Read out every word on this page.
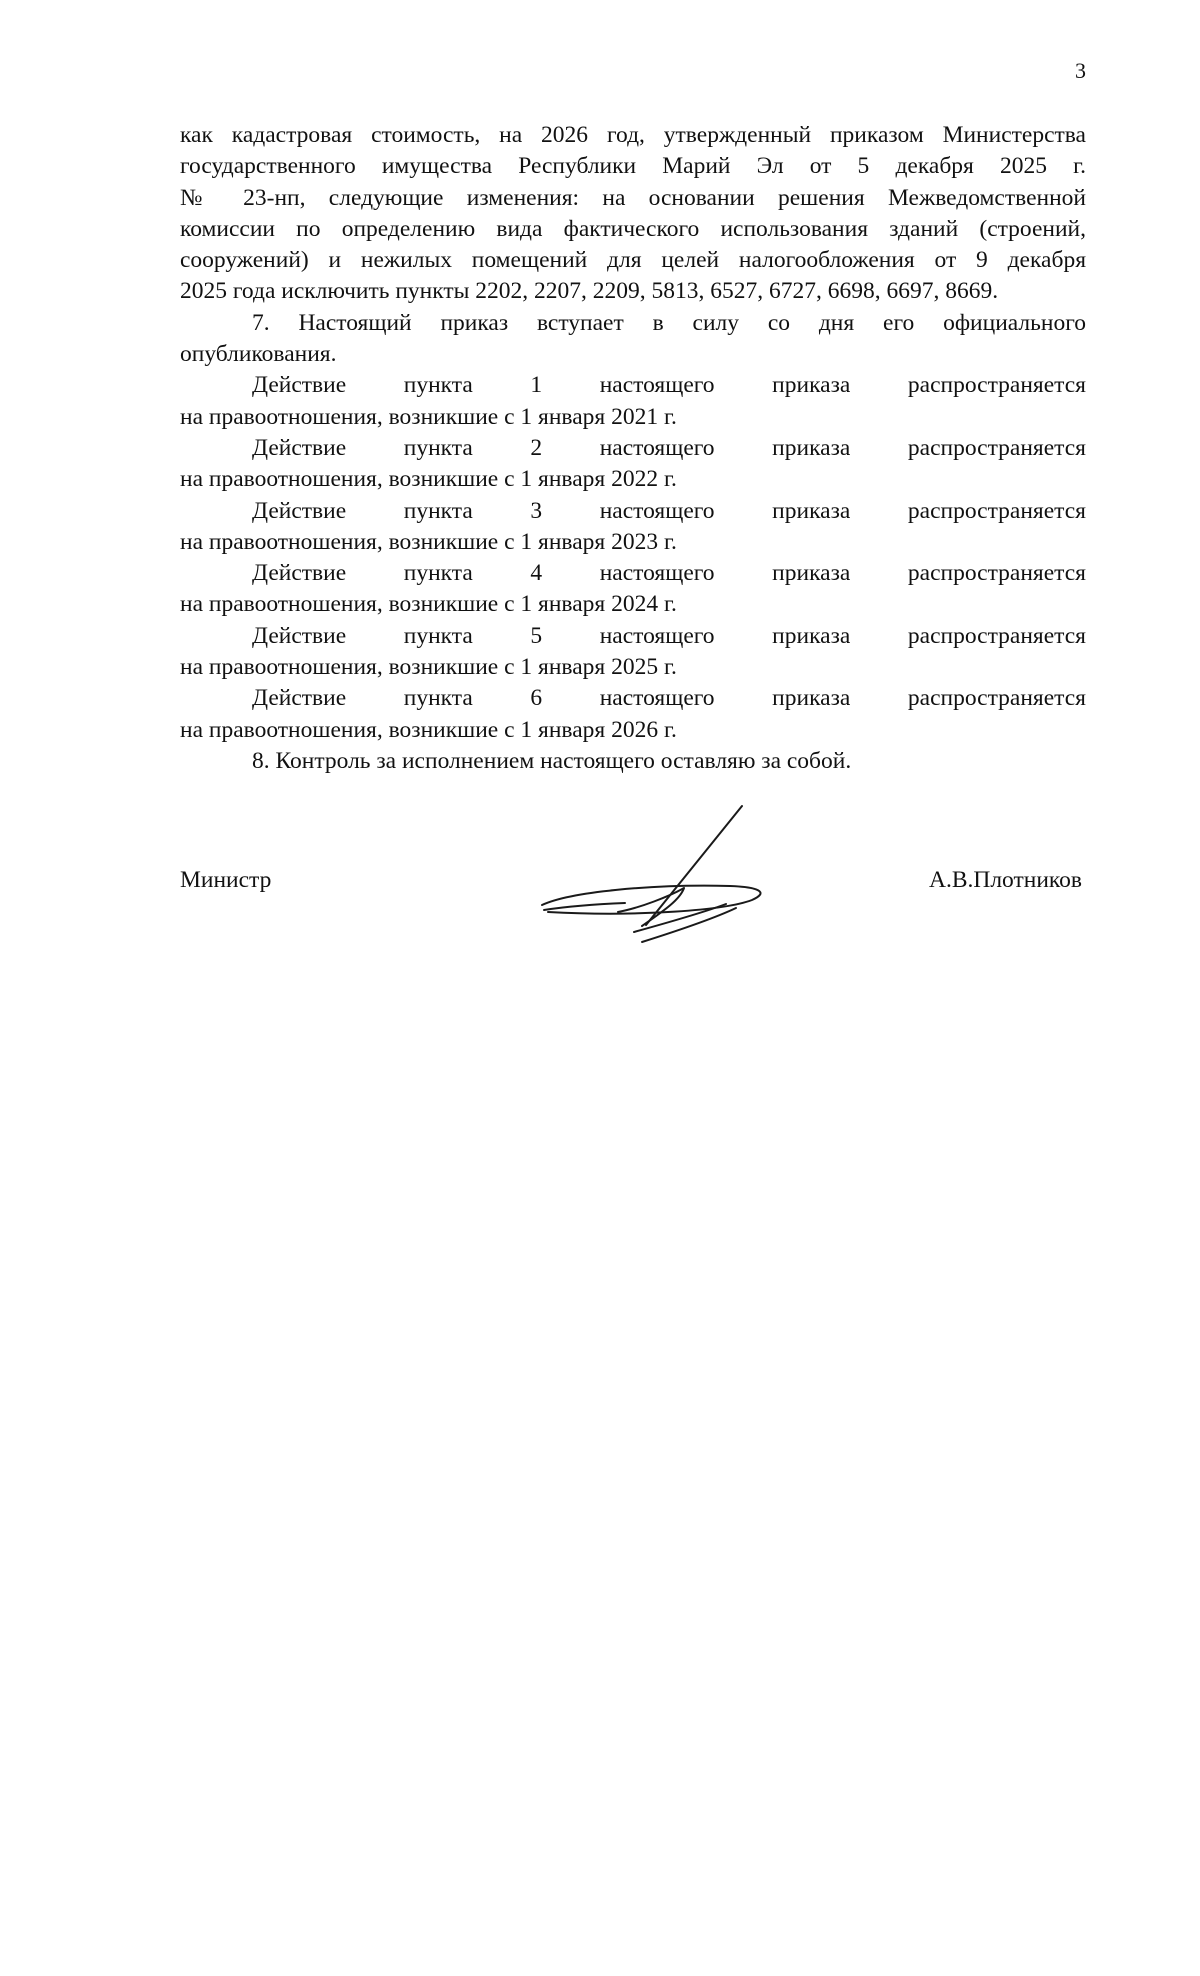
3
как кадастровая стоимость, на 2026 год, утвержденный приказом Министерства
государственного имущества Республики Марий Эл от 5 декабря 2025 г.
№ 23-нп, следующие изменения: на основании решения Межведомственной
комиссии по определению вида фактического использования зданий (строений,
сооружений) и нежилых помещений для целей налогообложения от 9 декабря
2025 года исключить пункты 2202, 2207, 2209, 5813, 6527, 6727, 6698, 6697, 8669.
7. Настоящий приказ вступает в силу со дня его официального
опубликования.
Действие пункта 1 настоящего приказа распространяется
на правоотношения, возникшие с 1 января 2021 г.
Действие пункта 2 настоящего приказа распространяется
на правоотношения, возникшие с 1 января 2022 г.
Действие пункта 3 настоящего приказа распространяется
на правоотношения, возникшие с 1 января 2023 г.
Действие пункта 4 настоящего приказа распространяется
на правоотношения, возникшие с 1 января 2024 г.
Действие пункта 5 настоящего приказа распространяется
на правоотношения, возникшие с 1 января 2025 г.
Действие пункта 6 настоящего приказа распространяется
на правоотношения, возникшие с 1 января 2026 г.
8. Контроль за исполнением настоящего оставляю за собой.
Министр	А.В.Плотников
